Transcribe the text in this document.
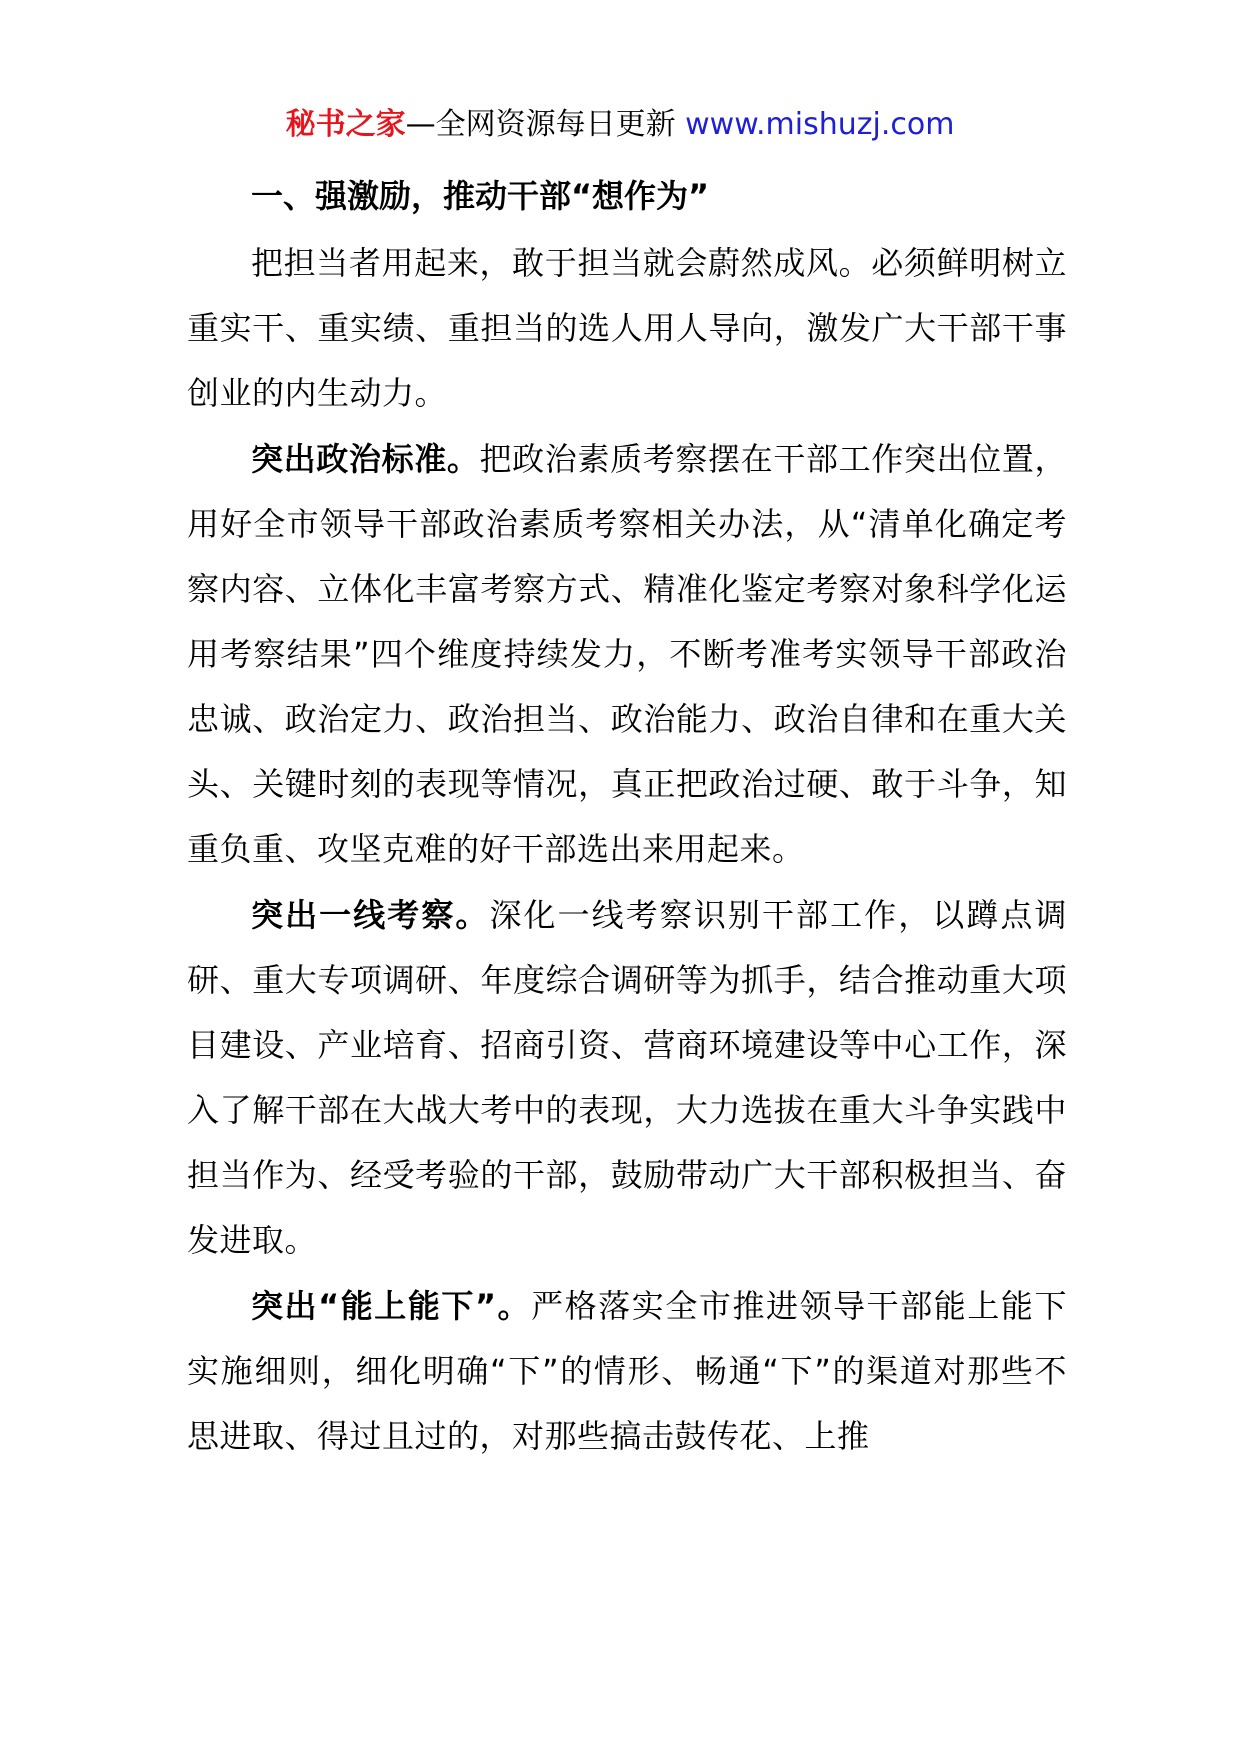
秘书之家—全网资源每日更新 www.mishuzj.com

一、强激励，推动干部“想作为”

把担当者用起来，敢于担当就会蔚然成风。必须鲜明树立重实干、重实绩、重担当的选人用人导向，激发广大干部干事创业的内生动力。

突出政治标准。把政治素质考察摆在干部工作突出位置，用好全市领导干部政治素质考察相关办法，从“清单化确定考察内容、立体化丰富考察方式、精准化鉴定考察对象科学化运用考察结果”四个维度持续发力，不断考准考实领导干部政治忠诚、政治定力、政治担当、政治能力、政治自律和在重大关头、关键时刻的表现等情况，真正把政治过硬、敢于斗争，知重负重、攻坚克难的好干部选出来用起来。

突出一线考察。深化一线考察识别干部工作，以蹲点调研、重大专项调研、年度综合调研等为抓手，结合推动重大项目建设、产业培育、招商引资、营商环境建设等中心工作，深入了解干部在大战大考中的表现，大力选拔在重大斗争实践中担当作为、经受考验的干部，鼓励带动广大干部积极担当、奋发进取。

突出“能上能下”。严格落实全市推进领导干部能上能下实施细则，细化明确“下”的情形、畅通“下”的渠道对那些不思进取、得过且过的，对那些搞击鼓传花、上推
